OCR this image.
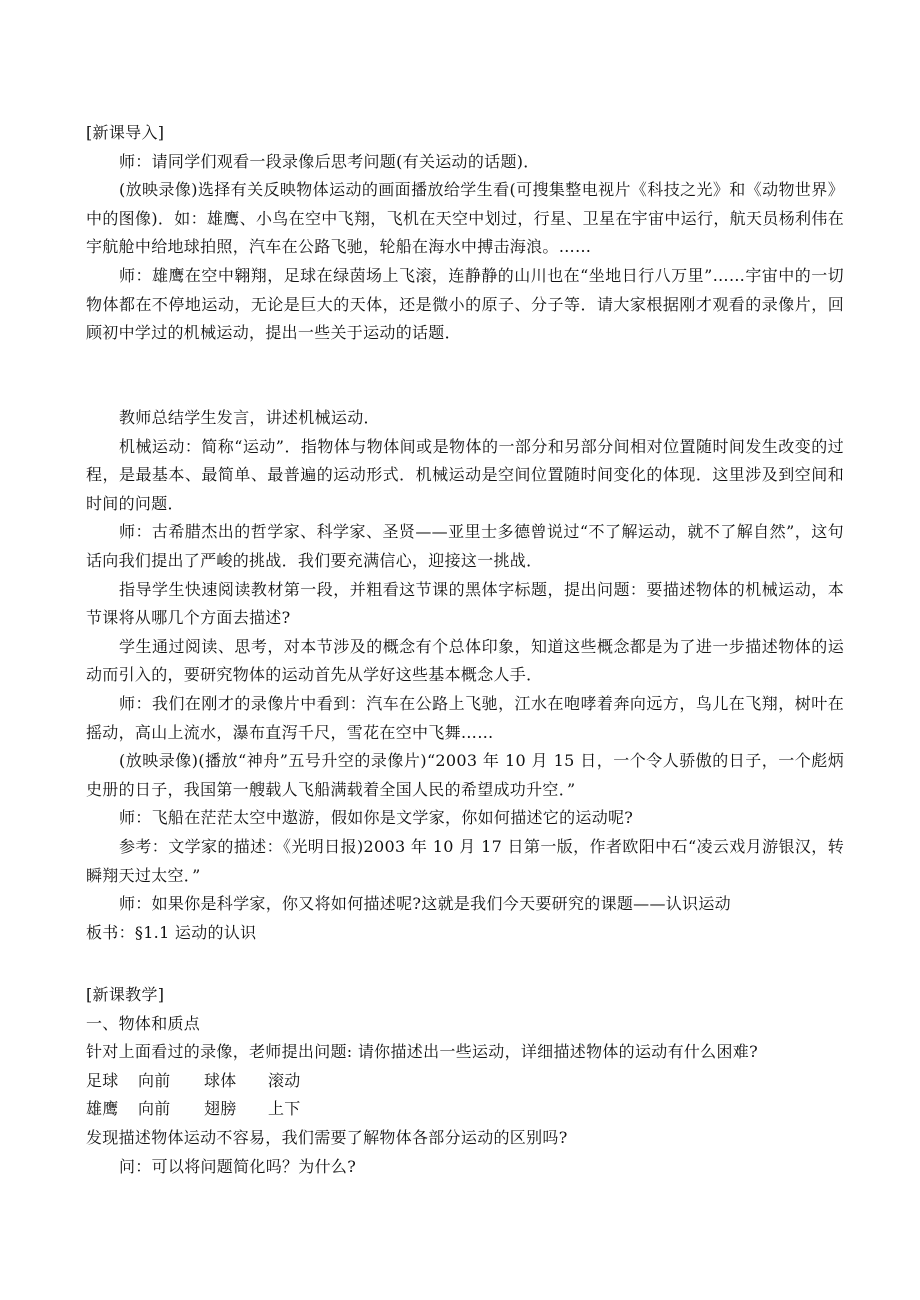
[新课导入]
师：请同学们观看一段录像后思考问题(有关运动的话题)．
(放映录像)选择有关反映物体运动的画面播放给学生看(可搜集整电视片《科技之光》和《动物世界》中的图像)．如：雄鹰、小鸟在空中飞翔，飞机在天空中划过，行星、卫星在宇宙中运行，航天员杨利伟在宇航舱中给地球拍照，汽车在公路飞驰，轮船在海水中搏击海浪。……
师：雄鹰在空中翱翔，足球在绿茵场上飞滚，连静静的山川也在“坐地日行八万里”……宇宙中的一切物体都在不停地运动，无论是巨大的天体，还是微小的原子、分子等．请大家根据刚才观看的录像片，回顾初中学过的机械运动，提出一些关于运动的话题．
教师总结学生发言，讲述机械运动．
机械运动：简称“运动”．指物体与物体间或是物体的一部分和另部分间相对位置随时间发生改变的过程，是最基本、最简单、最普遍的运动形式．机械运动是空间位置随时间变化的体现．这里涉及到空间和时间的问题．
师：古希腊杰出的哲学家、科学家、圣贤——亚里士多德曾说过“不了解运动，就不了解自然”，这句话向我们提出了严峻的挑战．我们要充满信心，迎接这一挑战．
指导学生快速阅读教材第一段，并粗看这节课的黑体字标题，提出问题：要描述物体的机械运动，本节课将从哪几个方面去描述?
学生通过阅读、思考，对本节涉及的概念有个总体印象，知道这些概念都是为了进一步描述物体的运动而引入的，要研究物体的运动首先从学好这些基本概念人手．
师：我们在刚才的录像片中看到：汽车在公路上飞驰，江水在咆哮着奔向远方，鸟儿在飞翔，树叶在摇动，高山上流水，瀑布直泻千尺，雪花在空中飞舞……
(放映录像)(播放“神舟”五号升空的录像片)“2003 年 10 月 15 日，一个令人骄傲的日子，一个彪炳史册的日子，我国第一艘载人飞船满载着全国人民的希望成功升空．”
师：飞船在茫茫太空中遨游，假如你是文学家，你如何描述它的运动呢?
参考：文学家的描述：《光明日报)2003 年 10 月 17 日第一版，作者欧阳中石“凌云戏月游银汉，转瞬翔天过太空．”
师：如果你是科学家，你又将如何描述呢?这就是我们今天要研究的课题——认识运动
板书：§1.1 运动的认识
[新课教学]
一、物体和质点
针对上面看过的录像，老师提出问题: 请你描述出一些运动，详细描述物体的运动有什么困难?
足球	向前	球体	滚动
雄鹰	向前	翅膀	上下
发现描述物体运动不容易，我们需要了解物体各部分运动的区别吗?
问：可以将问题简化吗？为什么?
